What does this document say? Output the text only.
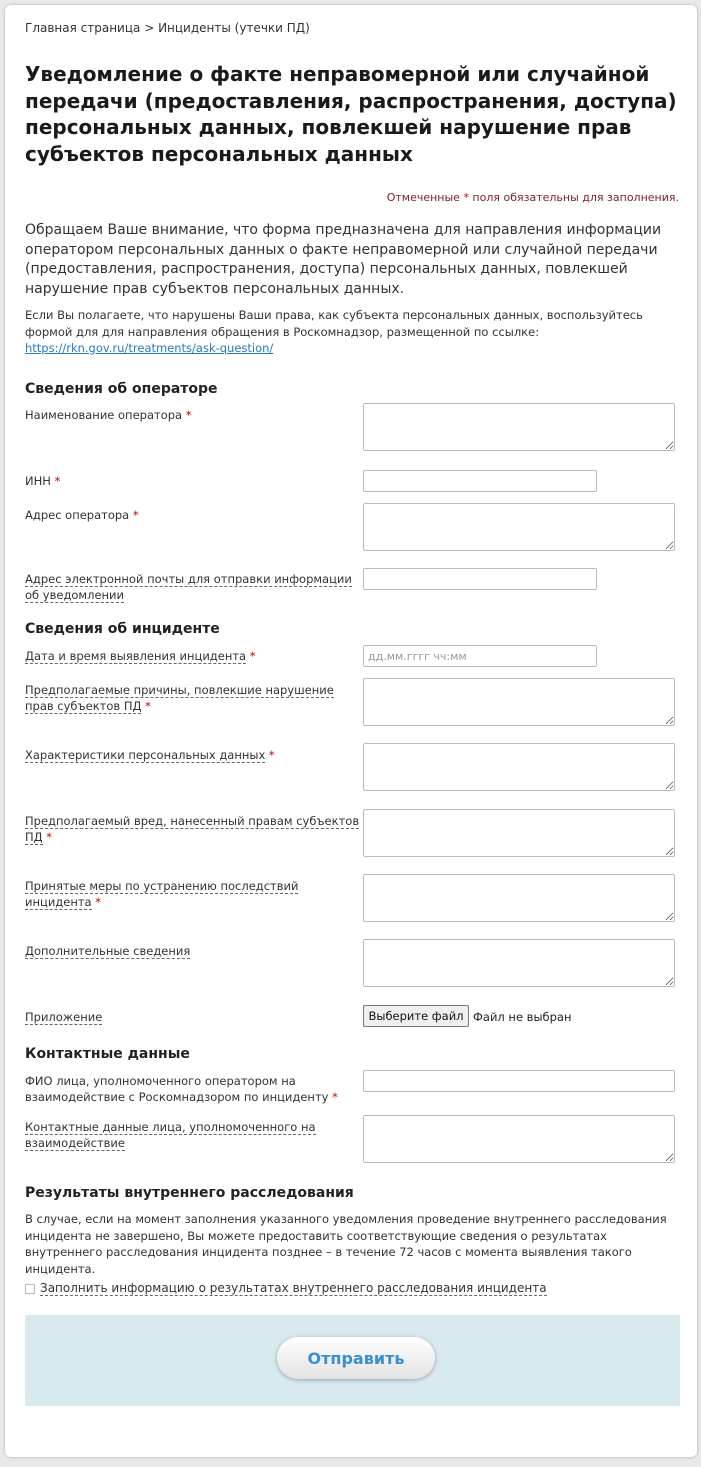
Главная страница > Инциденты (утечки ПД)
Уведомление о факте неправомерной или случайной передачи (предоставления, распространения, доступа) персональных данных, повлекшей нарушение прав субъектов персональных данных
Отмеченные * поля обязательны для заполнения.

Обращаем Ваше внимание, что форма предназначена для направления информации оператором персональных данных о факте неправомерной или случайной передачи (предоставления, распространения, доступа) персональных данных, повлекшей нарушение прав субъектов персональных данных.

Если Вы полагаете, что нарушены Ваши права, как субъекта персональных данных, воспользуйтесь формой для для направления обращения в Роскомнадзор, размещенной по ссылке: https://rkn.gov.ru/treatments/ask-question/

Сведения об операторе
Наименование оператора *
ИНН *
Адрес оператора *
Адрес электронной почты для отправки информации об уведомлении
Сведения об инциденте
Дата и время выявления инцидента *
дд.мм.гггг чч:мм
Предполагаемые причины, повлекшие нарушение прав субъектов ПД *
Характеристики персональных данных *
Предполагаемый вред, нанесенный правам субъектов ПД *
Принятые меры по устранению последствий инцидента *
Дополнительные сведения
Приложение	Выберите файл Файл не выбран
Контактные данные
ФИО лица, уполномоченного оператором на взаимодействие с Роскомнадзором по инциденту *
Контактные данные лица, уполномоченного на взаимодействие
Результаты внутреннего расследования

В случае, если на момент заполнения указанного уведомления проведение внутреннего расследования инцидента не завершено, Вы можете предоставить соответствующие сведения о результатах внутреннего расследования инцидента позднее – в течение 72 часов с момента выявления такого инцидента.

Заполнить информацию о результатах внутреннего расследования инцидента
Отправить
